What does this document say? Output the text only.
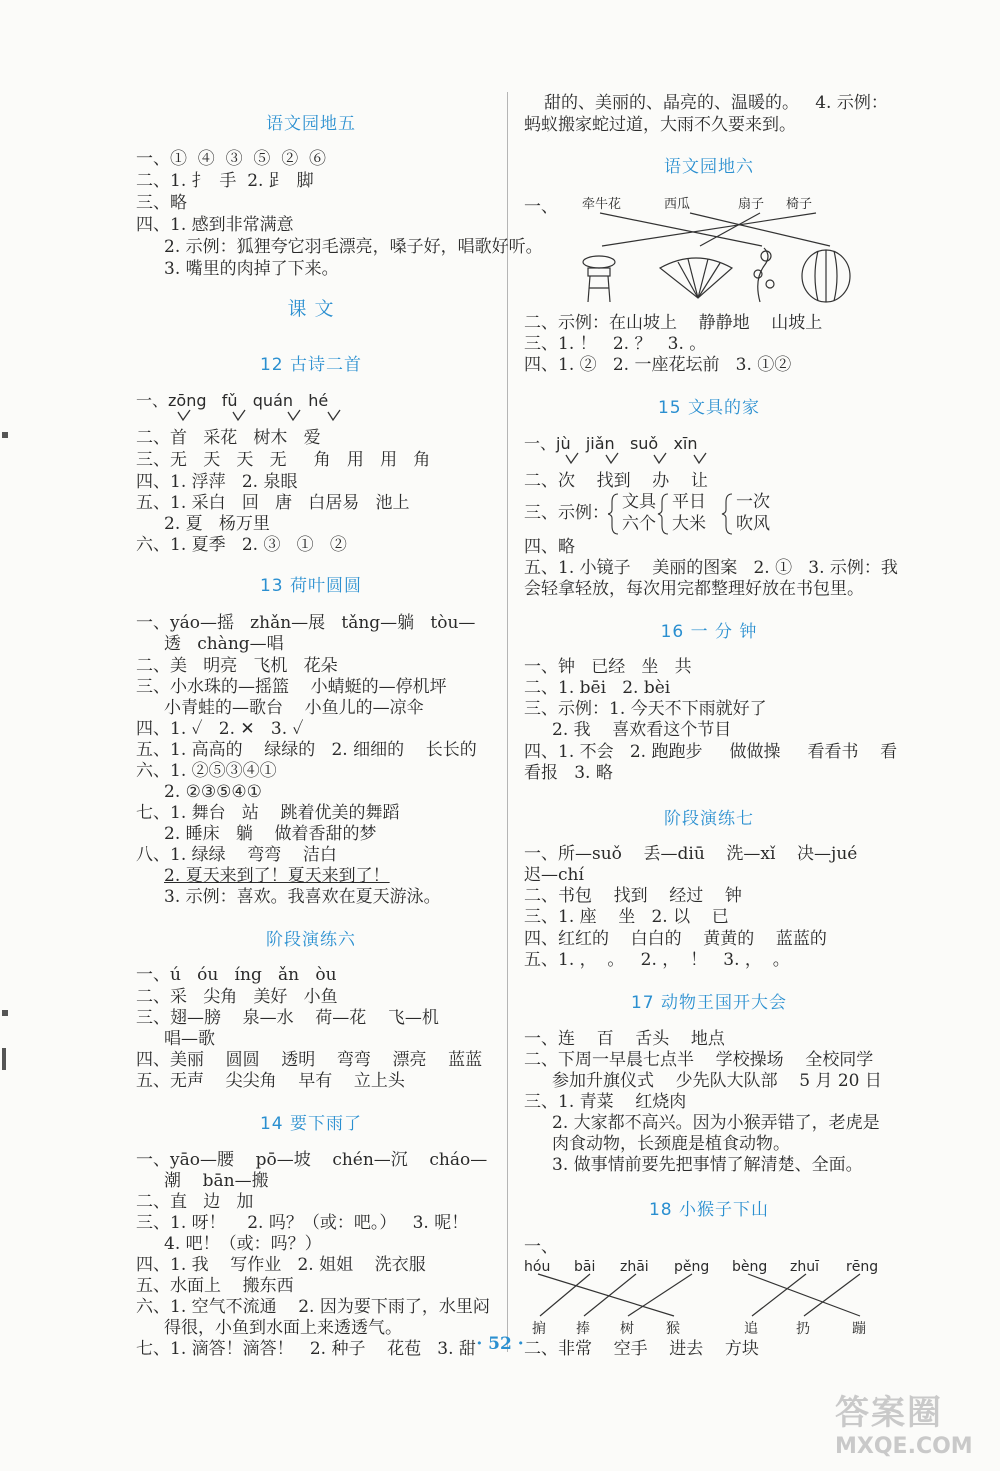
语文园地五
一、①  ④  ③  ⑤  ②  ⑥
二、1. 扌  手  2. 𧾷  脚
三、略
四、1. 感到非常满意
2. 示例：狐狸夸它羽毛漂亮，嗓子好，唱歌好听。
3. 嘴里的肉掉了下来。
课 文
12 古诗二首
一、zōng   fǔ   quán   hé
二、首   采花   树木   爱
三、无   天   天   无     角   用   用   角
四、1. 浮萍   2. 泉眼
五、1. 采白   回   唐   白居易   池上
2. 夏   杨万里
六、1. 夏季   2. ③   ①   ②
13 荷叶圆圆
一、yáo—摇   zhǎn—展   tǎng—躺   tòu—
透   chàng—唱
二、美   明亮   飞机   花朵
三、小水珠的—摇篮    小蜻蜓的—停机坪
小青蛙的—歌台    小鱼儿的—凉伞
四、1. ✓   2. ✕   3. ✓
五、1. 高高的    绿绿的   2. 细细的    长长的
六、1. ②⑤③④①
2. ②③⑤④①
七、1. 舞台   站    跳着优美的舞蹈
2. 睡床   躺    做着香甜的梦
八、1. 绿绿    弯弯    洁白
2. 夏天来到了！夏天来到了！
3. 示例：喜欢。我喜欢在夏天游泳。
阶段演练六
一、ú   óu   íng   ǎn   òu
二、采   尖角   美好   小鱼
三、翅—膀    泉—水    荷—花    飞—机
唱—歌
四、美丽    圆圆    透明    弯弯    漂亮    蓝蓝
五、无声    尖尖角    早有    立上头
14 要下雨了
一、yāo—腰    pō—坡    chén—沉    cháo—
潮    bān—搬
二、直   边   加
三、1. 呀！    2. 吗？（或：吧。）   3. 呢！
4. 吧！（或：吗？）
四、1. 我    写作业   2. 姐姐    洗衣服
五、水面上    搬东西
六、1. 空气不流通    2. 因为要下雨了，水里闷
得很，小鱼到水面上来透透气。
七、1. 滴答！滴答！   2. 种子    花苞   3. 甜
甜的、美丽的、晶亮的、温暖的。   4. 示例：
蚂蚁搬家蛇过道，大雨不久要来到。
语文园地六
一、 牵牛花	西瓜	扇子 椅子
二、示例：在山坡上    静静地    山坡上
三、1. ！   2. ？   3. 。
四、1. ②   2. 一座花坛前   3. ①②
15 文具的家
一、jù   jiǎn   suǒ   xīn
二、次    找到    办    让
三、示例：
文具
六个
平日
大米
一次
吹风
四、略
五、1. 小镜子    美丽的图案   2. ①   3. 示例：我
会轻拿轻放，每次用完都整理好放在书包里。
16 一 分 钟
一、钟   已经   坐   共
二、1. bēi   2. bèi
三、示例：1. 今天不下雨就好了
2. 我    喜欢看这个节目
四、1. 不会   2. 跑跑步     做做操     看看书    看
看报   3. 略
阶段演练七
一、所—suǒ    丢—diū    洗—xǐ    决—jué
迟—chí
二、书包    找到    经过    钟
三、1. 座    坐   2. 以    已
四、红红的    白白的    黄黄的    蓝蓝的
五、1. ，  。   2. ，  ！   3. ，  。
17 动物王国开大会
一、连    百    舌头    地点
二、下周一早晨七点半    学校操场    全校同学
参加升旗仪式    少先队大队部    5 月 20 日
三、1. 青菜    红烧肉
2. 大家都不高兴。因为小猴弄错了，老虎是
肉食动物，长颈鹿是植食动物。
3. 做事情前要先把事情了解清楚、全面。
18 小猴子下山
一、
hóu bāi zhāi pěng bèng zhuī rēng
掮 捧 树 猴	追	扔	蹦
二、非常    空手    进去    方块
· 52 ·
答案圈
MXQE.COM
